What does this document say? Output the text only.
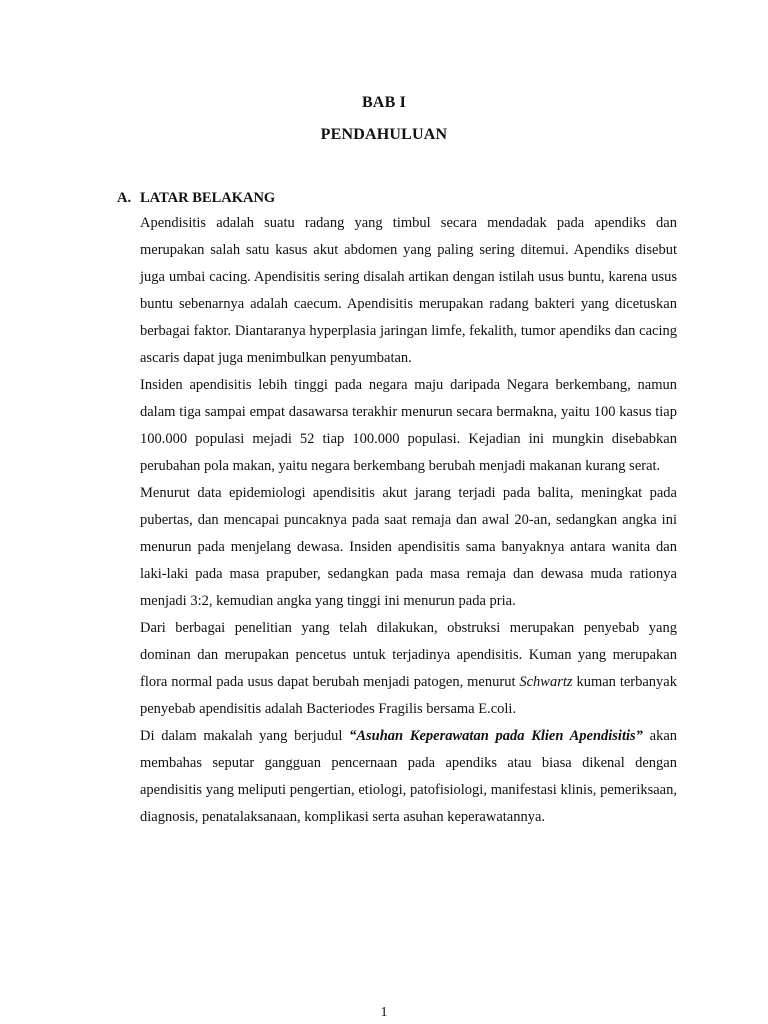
BAB I
PENDAHULUAN
A. LATAR BELAKANG

Apendisitis adalah suatu radang yang timbul secara mendadak pada apendiks dan merupakan salah satu kasus akut abdomen yang paling sering ditemui. Apendiks disebut juga umbai cacing. Apendisitis sering disalah artikan dengan istilah usus buntu, karena usus buntu sebenarnya adalah caecum. Apendisitis merupakan radang bakteri yang dicetuskan berbagai faktor. Diantaranya hyperplasia jaringan limfe, fekalith, tumor apendiks dan cacing ascaris dapat juga menimbulkan penyumbatan.

Insiden apendisitis lebih tinggi pada negara maju daripada Negara berkembang, namun dalam tiga sampai empat dasawarsa terakhir menurun secara bermakna, yaitu 100 kasus tiap 100.000 populasi mejadi 52 tiap 100.000 populasi. Kejadian ini mungkin disebabkan perubahan pola makan, yaitu negara berkembang berubah menjadi makanan kurang serat.

Menurut data epidemiologi apendisitis akut jarang terjadi pada balita, meningkat pada pubertas, dan mencapai puncaknya pada saat remaja dan awal 20-an, sedangkan angka ini menurun pada menjelang dewasa. Insiden apendisitis sama banyaknya antara wanita dan laki-laki pada masa prapuber, sedangkan pada masa remaja dan dewasa muda rationya menjadi 3:2, kemudian angka yang tinggi ini menurun pada pria.

Dari berbagai penelitian yang telah dilakukan, obstruksi merupakan penyebab yang dominan dan merupakan pencetus untuk terjadinya apendisitis. Kuman yang merupakan flora normal pada usus dapat berubah menjadi patogen, menurut Schwartz kuman terbanyak penyebab apendisitis adalah Bacteriodes Fragilis bersama E.coli.

Di dalam makalah yang berjudul “Asuhan Keperawatan pada Klien Apendisitis” akan membahas seputar gangguan pencernaan pada apendiks atau biasa dikenal dengan apendisitis yang meliputi pengertian, etiologi, patofisiologi, manifestasi klinis, pemeriksaan, diagnosis, penatalaksanaan, komplikasi serta asuhan keperawatannya.

1
